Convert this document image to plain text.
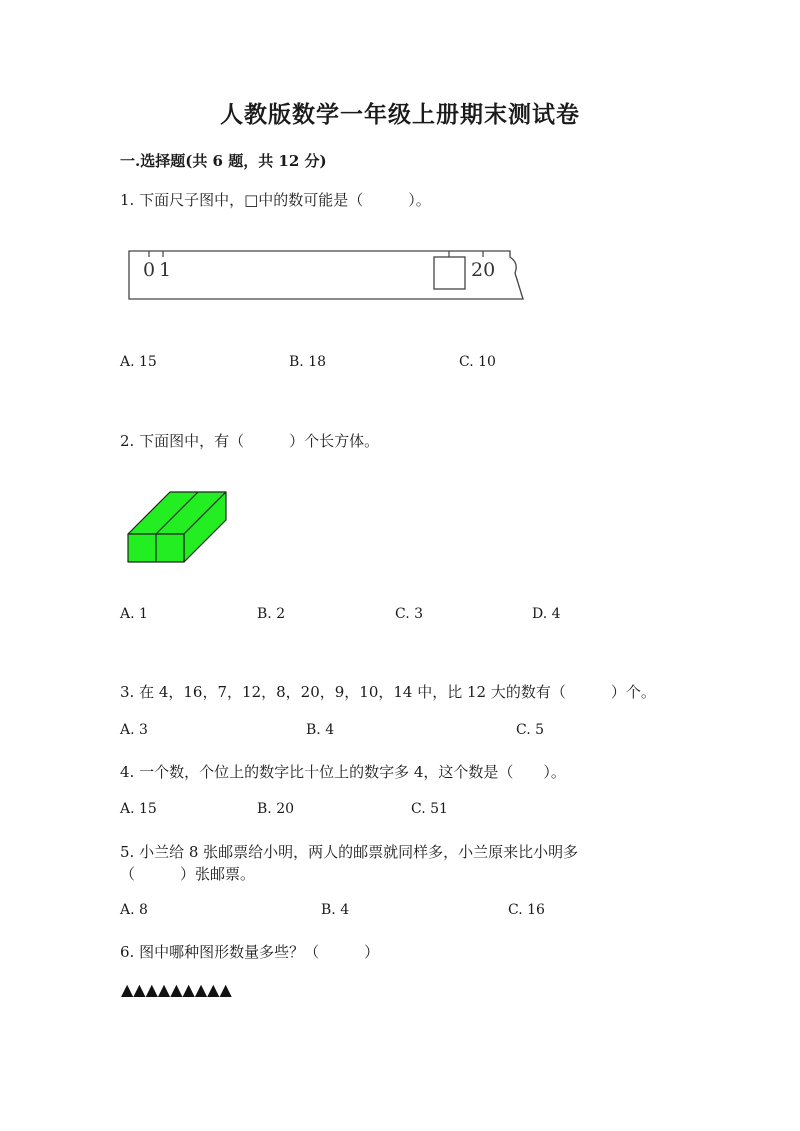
人教版数学一年级上册期末测试卷
一.选择题(共 6 题，共 12 分)
1. 下面尺子图中，□中的数可能是（　　　）。
0 1	20
A. 15	B. 18	C. 10
2. 下面图中，有（　　　）个长方体。
A. 1	B. 2	C. 3	D. 4
3. 在 4，16，7，12，8，20，9，10，14 中，比 12 大的数有（　　　）个。
A. 3	B. 4	C. 5
4. 一个数，个位上的数字比十位上的数字多 4，这个数是（　　）。
A. 15	B. 20	C. 51
5. 小兰给 8 张邮票给小明，两人的邮票就同样多，小兰原来比小明多
（　　　）张邮票。
A. 8	B. 4	C. 16
6. 图中哪种图形数量多些？（　　　）
▲▲▲▲▲▲▲▲▲
